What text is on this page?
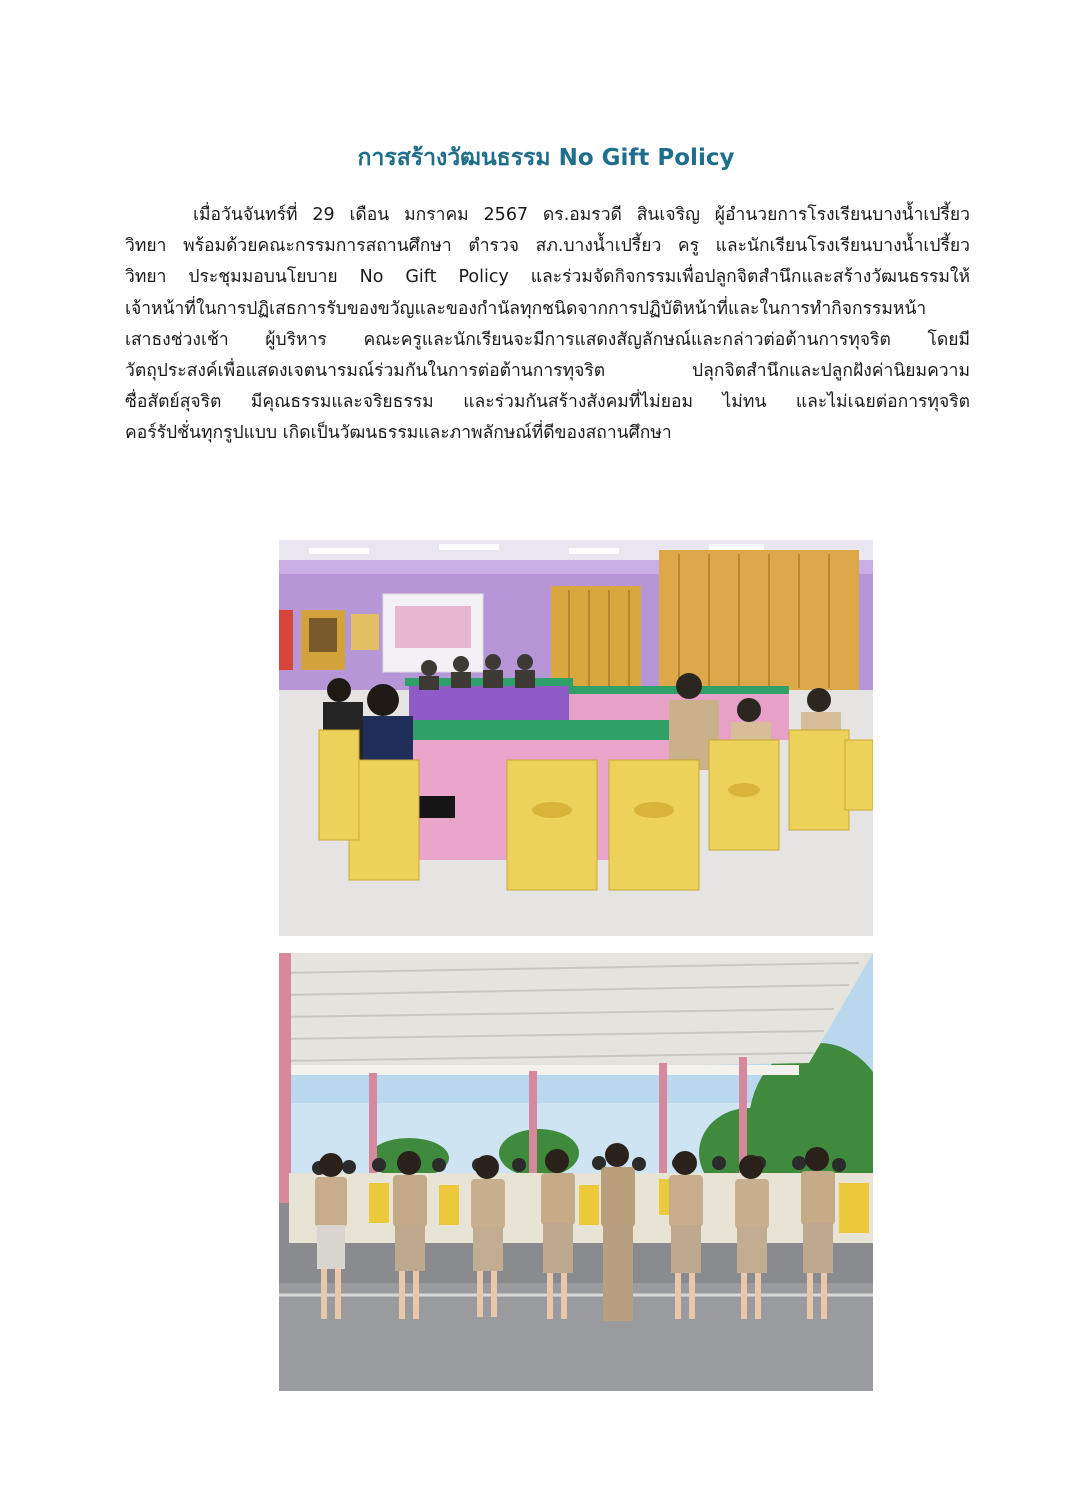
การสร้างวัฒนธรรม No Gift Policy
เมื่อวันจันทร์ที่ 29 เดือน มกราคม 2567 ดร.อมรวดี สินเจริญ ผู้อำนวยการโรงเรียนบางน้ำเปรี้ยว
วิทยา พร้อมด้วยคณะกรรมการสถานศึกษา ตำรวจ สภ.บางน้ำเปรี้ยว ครู และนักเรียนโรงเรียนบางน้ำเปรี้ยว
วิทยา ประชุมมอบนโยบาย No Gift Policy และร่วมจัดกิจกรรมเพื่อปลูกจิตสำนึกและสร้างวัฒนธรรมให้
เจ้าหน้าที่ในการปฏิเสธการรับของขวัญและของกำนัลทุกชนิดจากการปฏิบัติหน้าที่และในการทำกิจกรรมหน้า
เสาธงช่วงเช้า ผู้บริหาร คณะครูและนักเรียนจะมีการแสดงสัญลักษณ์และกล่าวต่อต้านการทุจริต โดยมี
วัตถุประสงค์เพื่อแสดงเจตนารมณ์ร่วมกันในการต่อต้านการทุจริต ปลุกจิตสำนึกและปลูกฝังค่านิยมความ
ซื่อสัตย์สุจริต มีคุณธรรมและจริยธรรม และร่วมกันสร้างสังคมที่ไม่ยอม ไม่ทน และไม่เฉยต่อการทุจริต
คอร์รัปชั่นทุกรูปแบบ เกิดเป็นวัฒนธรรมและภาพลักษณ์ที่ดีของสถานศึกษา
